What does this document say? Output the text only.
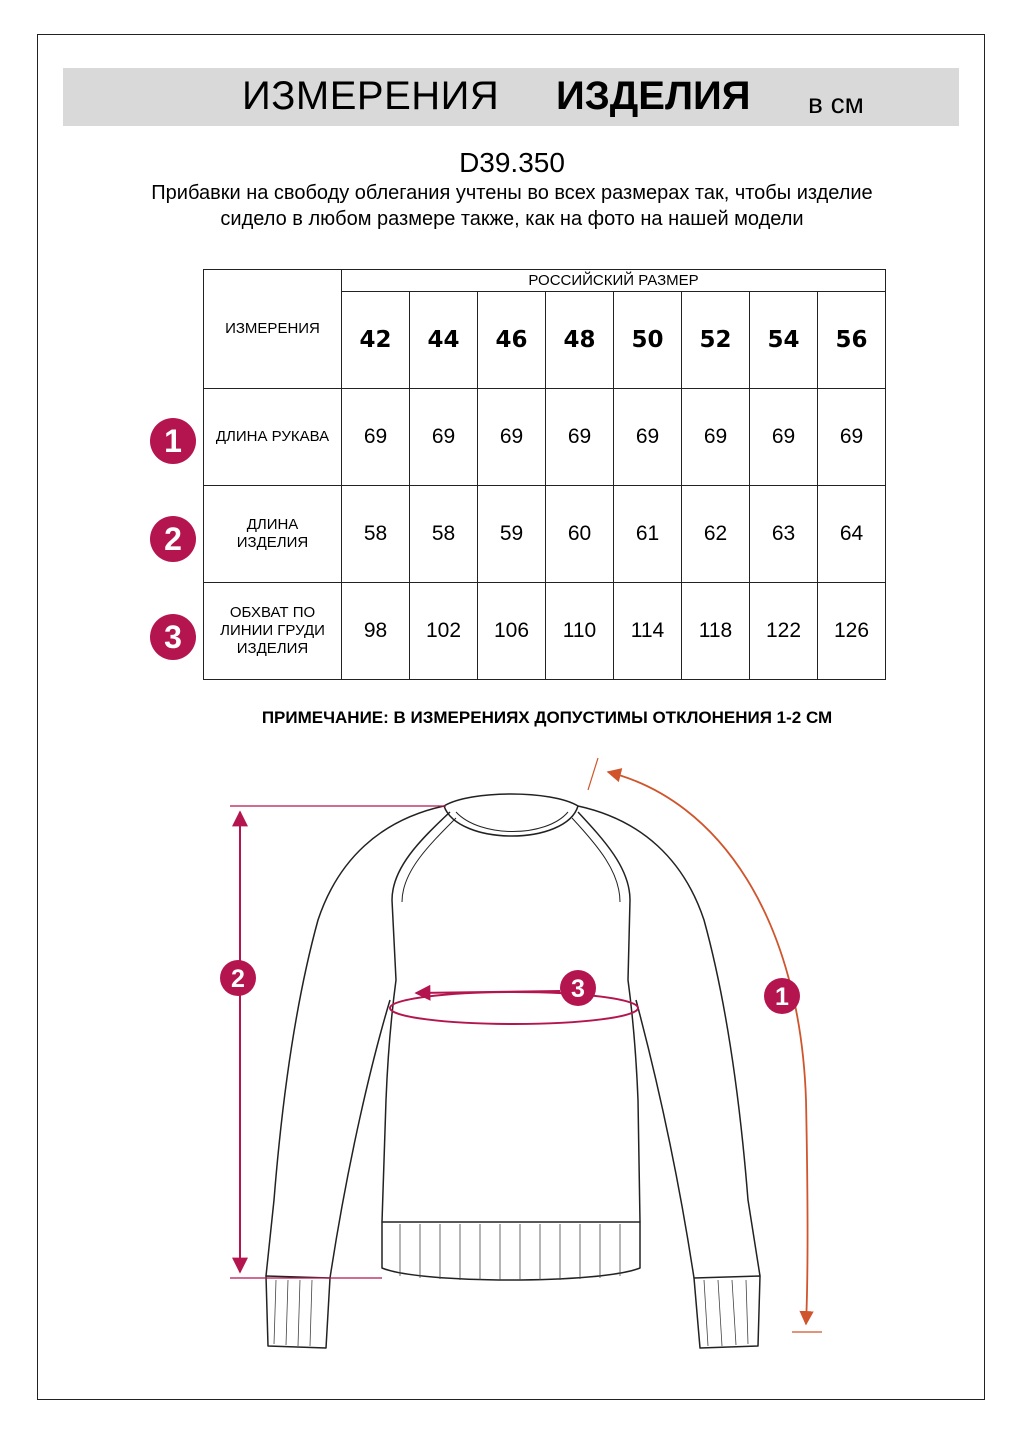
ИЗМЕРЕНИЯ ИЗДЕЛИЯ в см
D39.350
Прибавки на свободу облегания учтены во всех размерах так, чтобы изделие сидело в любом размере также, как на фото на нашей модели
ИЗМЕРЕНИЯ	РОССИЙСКИЙ РАЗМЕР							
	42	44	46	48	50	52	54	56
ДЛИНА РУКАВА	69	69	69	69	69	69	69	69

ДЛИНА ИЗДЕЛИЯ	58	58	59	60	61	62	63	64

ОБХВАТ ПО ЛИНИИ ГРУДИ ИЗДЕЛИЯ	98	102	106	110	114	118	122	126
1
2
3
ПРИМЕЧАНИЕ: В ИЗМЕРЕНИЯХ ДОПУСТИМЫ ОТКЛОНЕНИЯ 1-2 СМ
2	3	1
